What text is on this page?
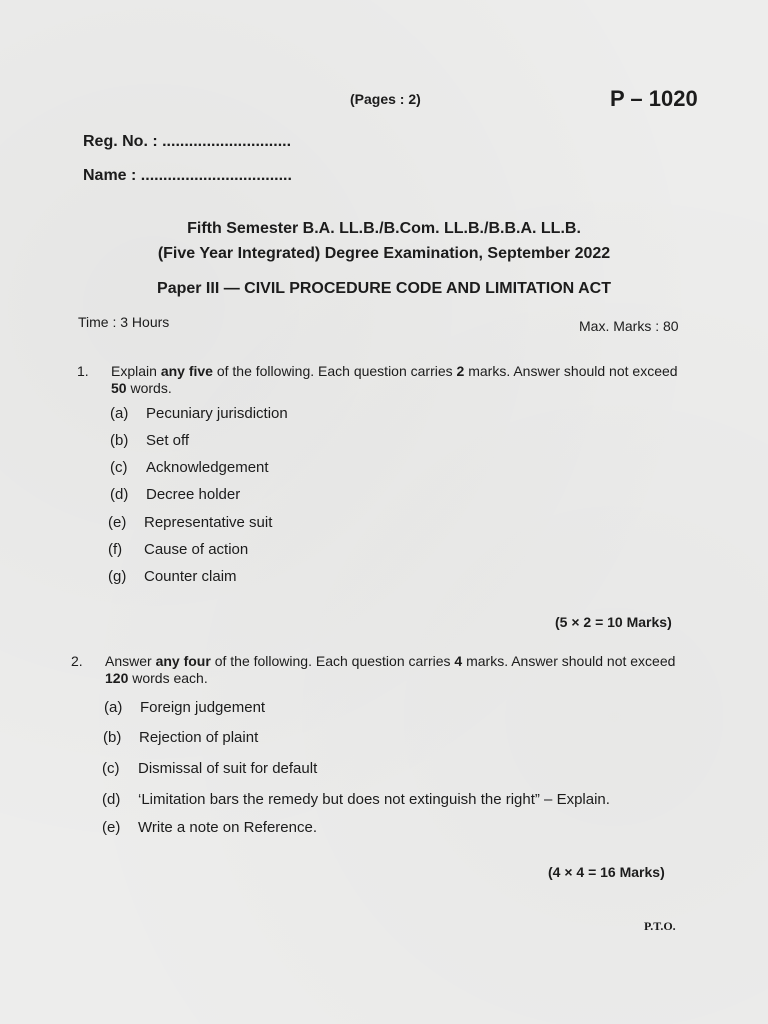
(Pages : 2)	P – 1020
Reg. No. : .............................
Name : ..................................
Fifth Semester B.A. LL.B./B.Com. LL.B./B.B.A. LL.B.
(Five Year Integrated) Degree Examination, September 2022
Paper III — CIVIL PROCEDURE CODE AND LIMITATION ACT
Time : 3 Hours	Max. Marks : 80
1. Explain any five of the following. Each question carries 2 marks. Answer should not exceed 50 words.
(a) Pecuniary jurisdiction
(b) Set off
(c) Acknowledgement
(d) Decree holder
(e) Representative suit
(f) Cause of action
(g) Counter claim
(5 × 2 = 10 Marks)
2. Answer any four of the following. Each question carries 4 marks. Answer should not exceed 120 words each.
(a) Foreign judgement
(b) Rejection of plaint
(c) Dismissal of suit for default
(d) ‘Limitation bars the remedy but does not extinguish the right” – Explain.
(e) Write a note on Reference.
(4 × 4 = 16 Marks)
P.T.O.
